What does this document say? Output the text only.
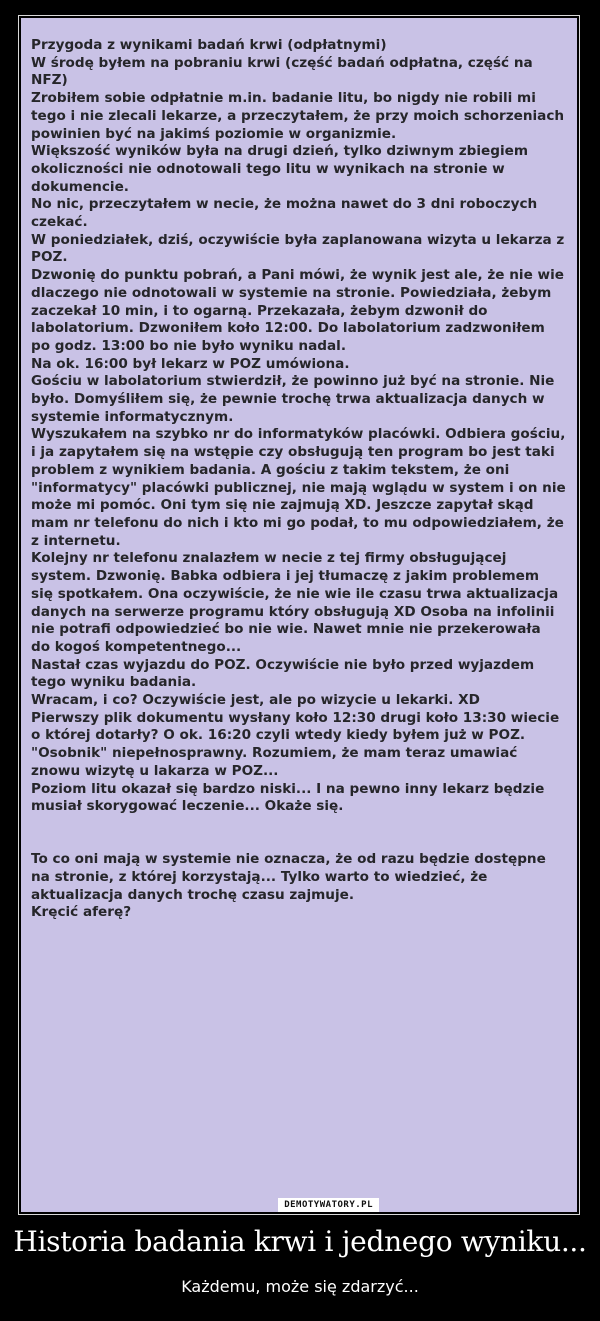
Przygoda z wynikami badań krwi (odpłatnymi)

W środę byłem na pobraniu krwi (część badań odpłatna, część na NFZ)

Zrobiłem sobie odpłatnie m.in. badanie litu, bo nigdy nie robili mi
tego i nie zlecali lekarze, a przeczytałem, że przy moich schorzeniach
powinien być na jakimś poziomie w organizmie.

Większość wyników była na drugi dzień, tylko dziwnym zbiegiem
okoliczności nie odnotowali tego litu w wynikach na stronie w
dokumencie.

No nic, przeczytałem w necie, że można nawet do 3 dni roboczych
czekać.

W poniedziałek, dziś, oczywiście była zaplanowana wizyta u lekarza z
POZ.

Dzwonię do punktu pobrań, a Pani mówi, że wynik jest ale, że nie wie
dlaczego nie odnotowali w systemie na stronie. Powiedziała, żebym
zaczekał 10 min, i to ogarną. Przekazała, żebym dzwonił do
labolatorium. Dzwoniłem koło 12:00. Do labolatorium zadzwoniłem
po godz. 13:00 bo nie było wyniku nadal.

Na ok. 16:00 był lekarz w POZ umówiona.

Gościu w labolatorium stwierdził, że powinno już być na stronie. Nie
było. Domyśliłem się, że pewnie trochę trwa aktualizacja danych w
systemie informatycznym.

Wyszukałem na szybko nr do informatyków placówki. Odbiera gościu,
i ja zapytałem się na wstępie czy obsługują ten program bo jest taki
problem z wynikiem badania. A gościu z takim tekstem, że oni
"informatycy" placówki publicznej, nie mają wglądu w system i on nie
może mi pomóc. Oni tym się nie zajmują XD. Jeszcze zapytał skąd
mam nr telefonu do nich i kto mi go podał, to mu odpowiedziałem, że
z internetu.

Kolejny nr telefonu znalazłem w necie z tej firmy obsługującej
system. Dzwonię. Babka odbiera i jej tłumaczę z jakim problemem
się spotkałem. Ona oczywiście, że nie wie ile czasu trwa aktualizacja
danych na serwerze programu który obsługują XD Osoba na infolinii
nie potrafi odpowiedzieć bo nie wie. Nawet mnie nie przekerowała
do kogoś kompetentnego...

Nastał czas wyjazdu do POZ. Oczywiście nie było przed wyjazdem
tego wyniku badania.

Wracam, i co? Oczywiście jest, ale po wizycie u lekarki. XD

Pierwszy plik dokumentu wysłany koło 12:30 drugi koło 13:30 wiecie
o której dotarły? O ok. 16:20 czyli wtedy kiedy byłem już w POZ.

"Osobnik" niepełnosprawny. Rozumiem, że mam teraz umawiać
znowu wizytę u lakarza w POZ...

Poziom litu okazał się bardzo niski... I na pewno inny lekarz będzie
musiał skorygować leczenie... Okaże się.

To co oni mają w systemie nie oznacza, że od razu będzie dostępne
na stronie, z której korzystają... Tylko warto to wiedzieć, że
aktualizacja danych trochę czasu zajmuje.

Kręcić aferę?

DEMOTYWATORY.PL
Historia badania krwi i jednego wyniku...
Każdemu, może się zdarzyć...
